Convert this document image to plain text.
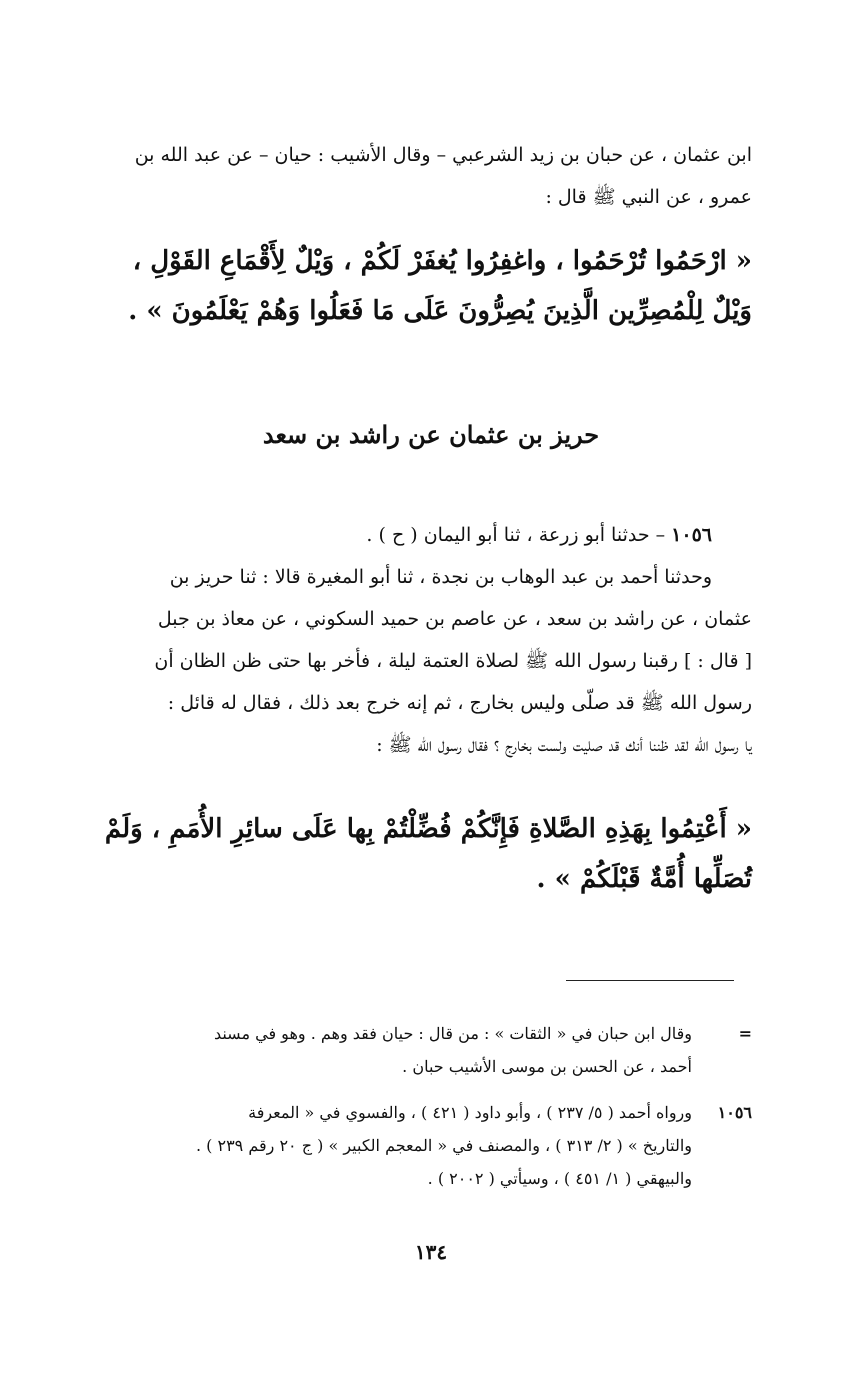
ابن عثمان ، عن حبان بن زيد الشرعبي – وقال الأشيب : حيان – عن عبد الله بن
عمرو ، عن النبي ﷺ قال :
« ارْحَمُوا تُرْحَمُوا ، واغفِرُوا يُغفَرْ لَكُمْ ، وَيْلٌ لِأَقْمَاعِ القَوْلِ ،
وَيْلٌ لِلْمُصِرِّين الَّذِينَ يُصِرُّونَ عَلَى مَا فَعَلُوا وَهُمْ يَعْلَمُونَ » .
حريز بن عثمان عن راشد بن سعد
١٠٥٦ – حدثنا أبو زرعة ، ثنا أبو اليمان ( ح ) .
وحدثنا أحمد بن عبد الوهاب بن نجدة ، ثنا أبو المغيرة قالا : ثنا حريز بن
عثمان ، عن راشد بن سعد ، عن عاصم بن حميد السكوني ، عن معاذ بن جبل
[ قال : ] رقبنا رسول الله ﷺ لصلاة العتمة ليلة ، فأخر بها حتى ظن الظان أن
رسول الله ﷺ قد صلّى وليس بخارج ، ثم إنه خرج بعد ذلك ، فقال له قائل :
يا رسول الله لقد ظننا أنك قد صليت ولست بخارج ؟ فقال رسول الله ﷺ :
« أَعْتِمُوا بِهَذِهِ الصَّلاةِ فَإِنَّكُمْ فُضِّلْتُمْ بِها عَلَى سائِرِ الأُمَمِ ، وَلَمْ
تُصَلِّها أُمَّةٌ قَبْلَكُمْ » .
=وقال ابن حبان في « الثقات » : من قال : حيان فقد وهم . وهو في مسند
أحمد ، عن الحسن بن موسى الأشيب حبان .
١٠٥٦ورواه أحمد ( ٥/ ٢٣٧ ) ، وأبو داود ( ٤٢١ ) ، والفسوي في « المعرفة
والتاريخ » ( ٢/ ٣١٣ ) ، والمصنف في « المعجم الكبير » ( ج ٢٠ رقم ٢٣٩ ) .
والبيهقي ( ١/ ٤٥١ ) ، وسيأتي ( ٢٠٠٢ ) .
١٣٤
